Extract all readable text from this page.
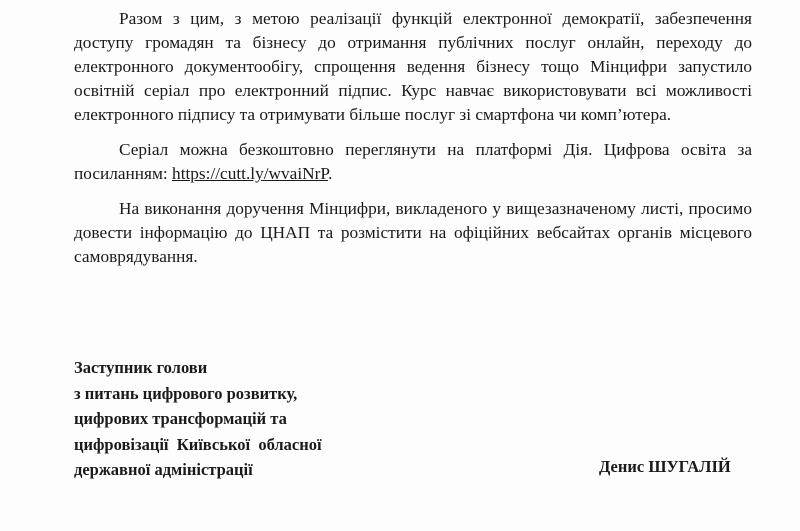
Разом з цим, з метою реалізації функцій електронної демократії, забезпечення доступу громадян та бізнесу до отримання публічних послуг онлайн, переходу до електронного документообігу, спрощення ведення бізнесу тощо Мінцифри запустило освітній серіал про електронний підпис. Курс навчає використовувати всі можливості електронного підпису та отримувати більше послуг зі смартфона чи комп’ютера.

Серіал можна безкоштовно переглянути на платформі Дія. Цифрова освіта за посиланням: https://cutt.ly/wvaiNrP.

На виконання доручення Мінцифри, викладеного у вищезазначеному листі, просимо довести інформацію до ЦНАП та розмістити на офіційних вебсайтах органів місцевого самоврядування.

Заступник голови
з питань цифрового розвитку,
цифрових трансформацій та
цифровізації  Київської  обласної
державної адміністрації	Денис ШУГАЛІЙ
